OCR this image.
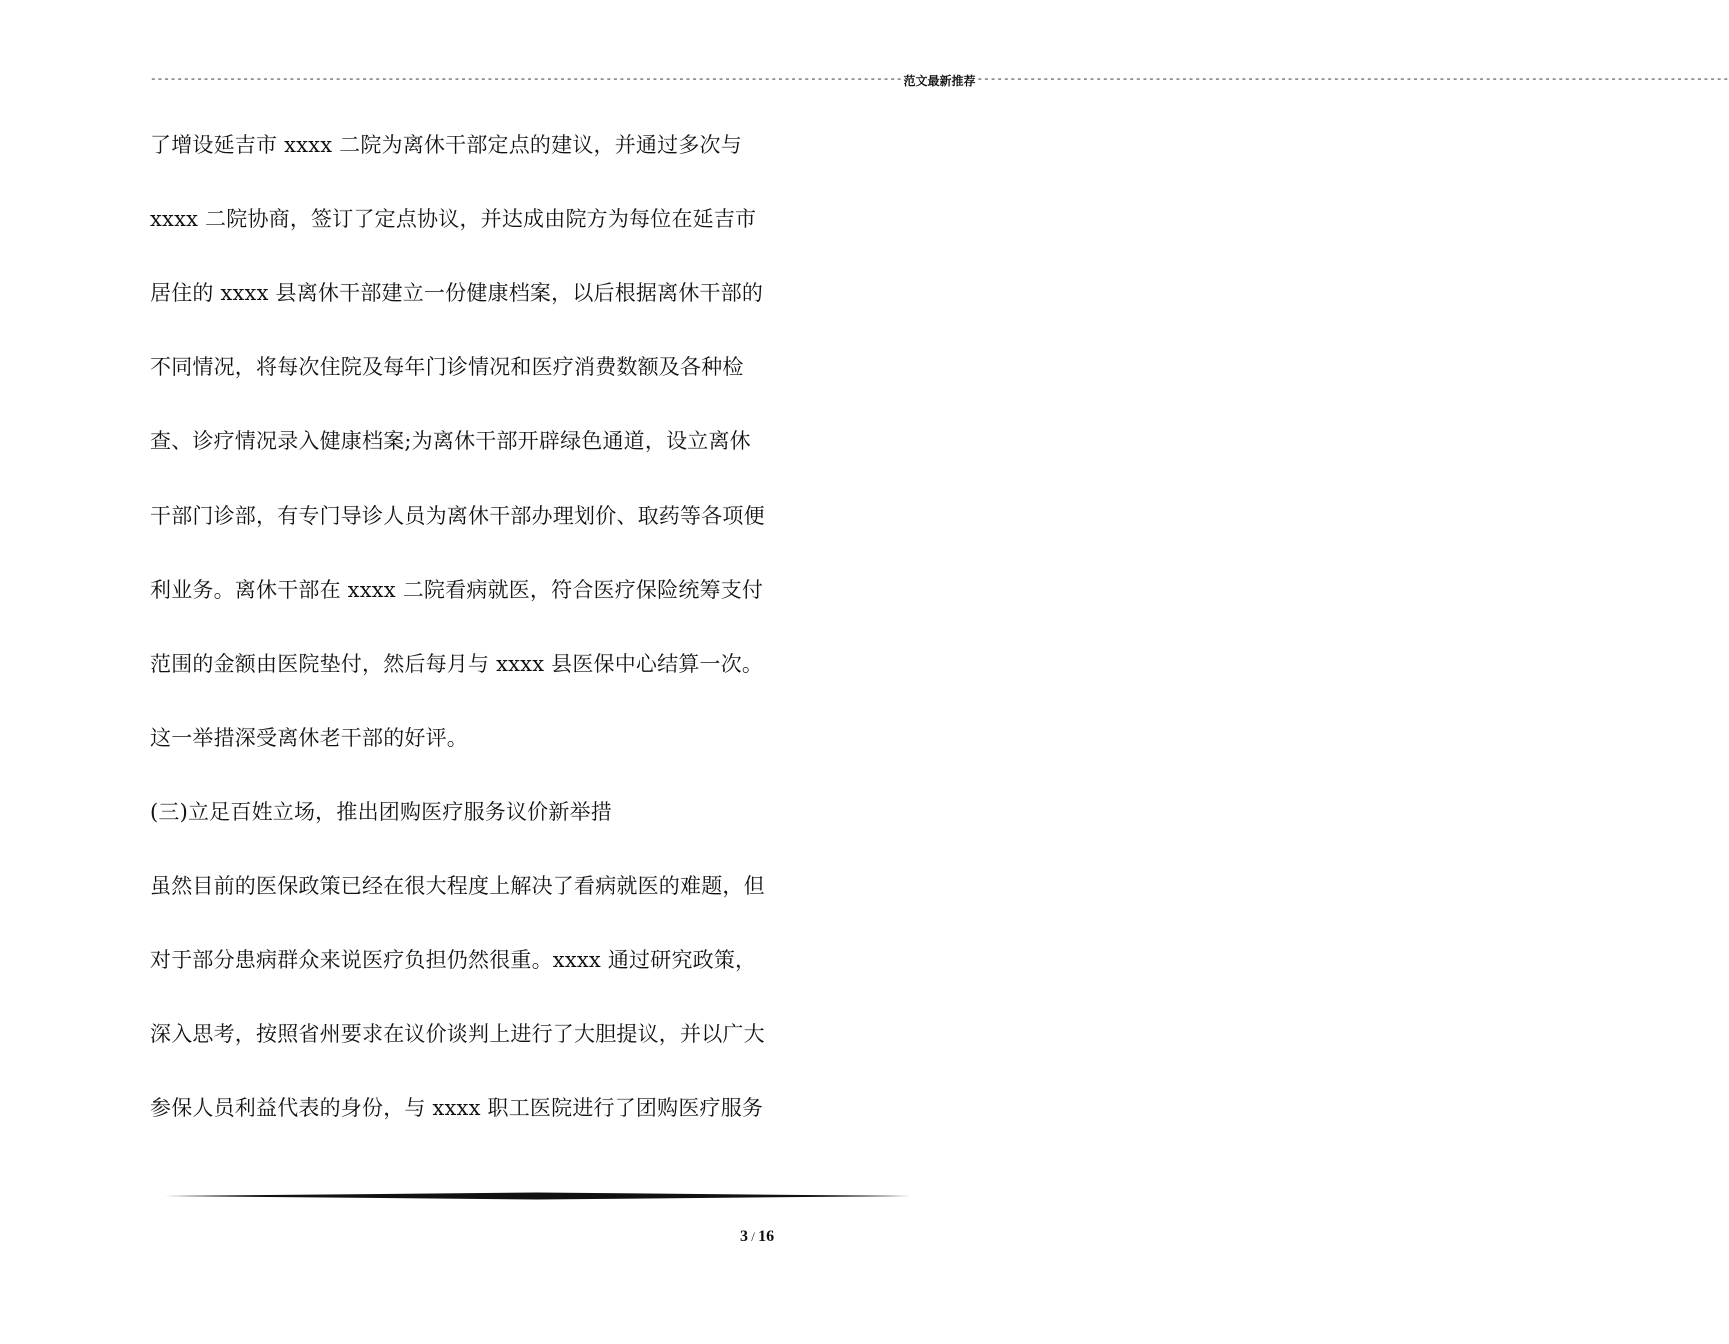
------------------------------------------------------------------------------------------------------------------ 范文最新推荐 ------------------------------------------------------------------------------------------------------------------
了增设延吉市 xxxx 二院为离休干部定点的建议，并通过多次与
xxxx 二院协商，签订了定点协议，并达成由院方为每位在延吉市
居住的 xxxx 县离休干部建立一份健康档案，以后根据离休干部的
不同情况，将每次住院及每年门诊情况和医疗消费数额及各种检
查、诊疗情况录入健康档案;为离休干部开辟绿色通道，设立离休
干部门诊部，有专门导诊人员为离休干部办理划价、取药等各项便
利业务。离休干部在 xxxx 二院看病就医，符合医疗保险统筹支付
范围的金额由医院垫付，然后每月与 xxxx 县医保中心结算一次。
这一举措深受离休老干部的好评。
(三)立足百姓立场，推出团购医疗服务议价新举措
虽然目前的医保政策已经在很大程度上解决了看病就医的难题，但
对于部分患病群众来说医疗负担仍然很重。xxxx 通过研究政策，
深入思考，按照省州要求在议价谈判上进行了大胆提议，并以广大
参保人员利益代表的身份，与 xxxx 职工医院进行了团购医疗服务
3 / 16
